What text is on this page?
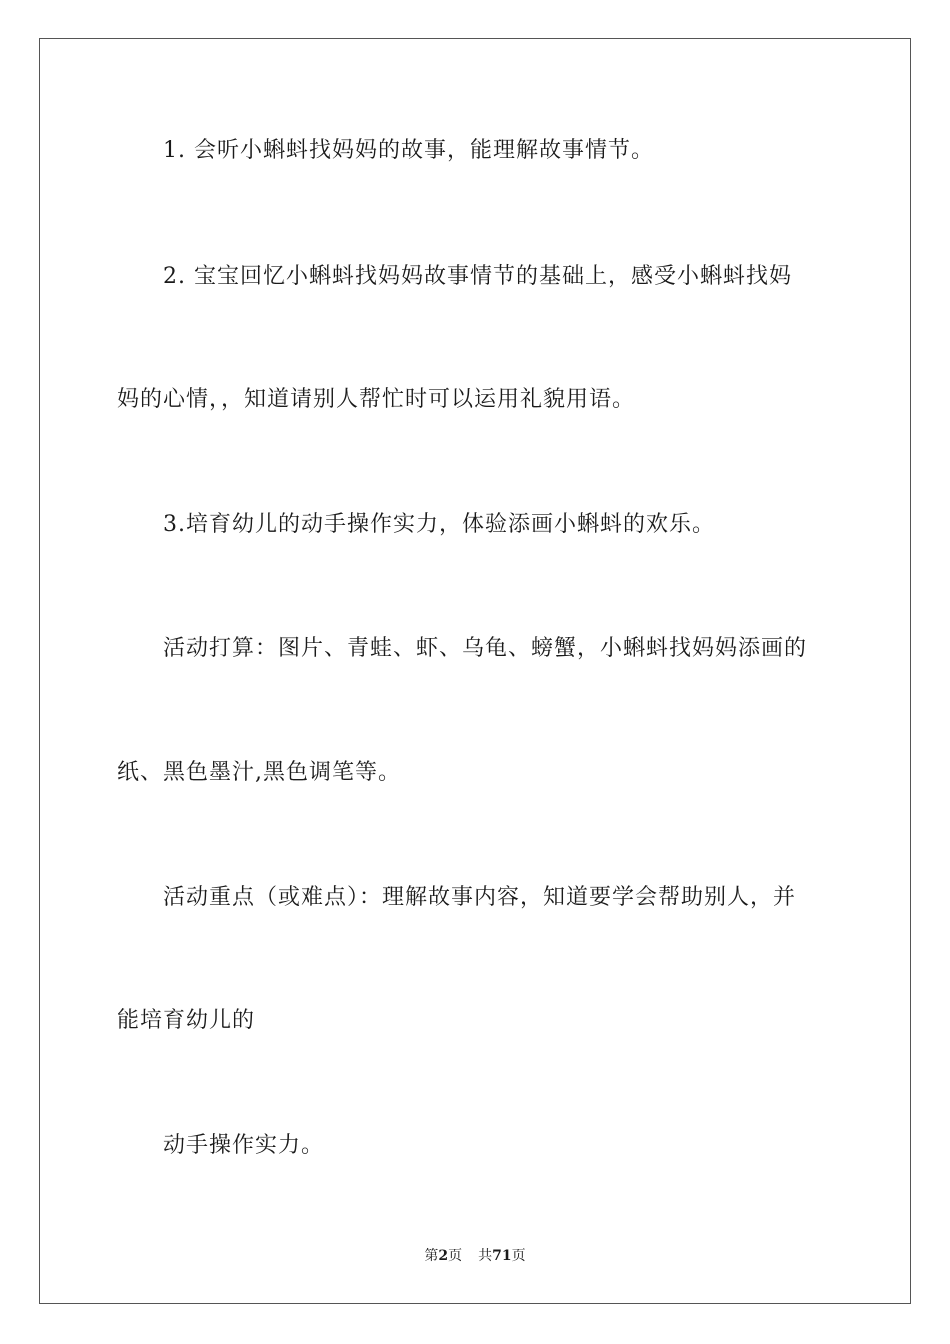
1. 会听小蝌蚪找妈妈的故事，能理解故事情节。
2. 宝宝回忆小蝌蚪找妈妈故事情节的基础上，感受小蝌蚪找妈
妈的心情，，知道请别人帮忙时可以运用礼貌用语。
3.培育幼儿的动手操作实力，体验添画小蝌蚪的欢乐。
活动打算：图片、青蛙、虾、乌龟、螃蟹，小蝌蚪找妈妈添画的
纸、黑色墨汁,黑色调笔等。
活动重点（或难点）：理解故事内容，知道要学会帮助别人，并
能培育幼儿的
动手操作实力。
第2页 共71页
